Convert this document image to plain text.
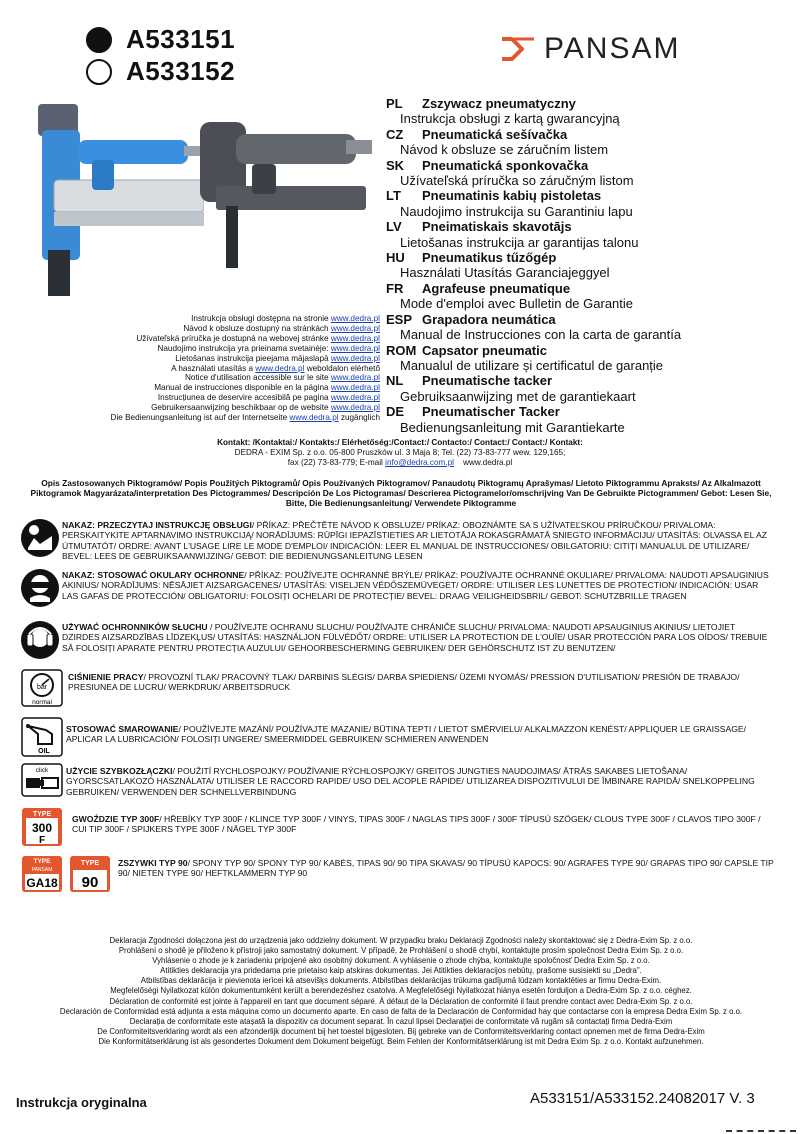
A533151
A533152
PANSAM
PL	Zszywacz pneumatyczny
Instrukcja obsługi z kartą gwarancyjną
CZ	Pneumatická sešívačka
Návod k obsluze se záručním listem
SK	Pneumatická sponkovačka
Užívateľská príručka so záručným listom
LT	Pneumatinis kabių pistoletas
Naudojimo instrukcija su Garantiniu lapu
LV	Pneimatiskais skavotājs
Lietošanas instrukcija ar garantijas talonu
HU	Pneumatikus tűzőgép
Használati Utasítás Garanciajeggyel
FR	Agrafeuse pneumatique
Mode d'emploi avec Bulletin de Garantie
ESP Grapadora neumática
Manual de Instrucciones con la carta de garantía
ROM Capsator pneumatic
Manualul de utilizare și certificatul de garanție
NL	Pneumatische tacker
Gebruiksaanwijzing met de garantiekaart
DE	Pneumatischer Tacker
Bedienungsanleitung mit Garantiekarte
Instrukcja obsługi dostępna na stronie www.dedra.pl
Návod k obsluze dostupný na stránkách www.dedra.pl
Užívateľská príručka je dostupná na webovej stránke www.dedra.pl
Naudojimo instrukcija yra prieinama svetainėje: www.dedra.pl
Lietošanas instrukcija pieejama mājaslapā www.dedra.pl
A használati utasítás a www.dedra.pl weboldalon elérhető
Notice d'utilisation accessible sur le site www.dedra.pl
Manual de instrucciones disponible en la página www.dedra.pl
Instrucțiunea de deservire accesibilă pe pagina www.dedra.pl
Gebruikersaanwijzing beschikbaar op de website www.dedra.pl
Die Bedienungsanleitung ist auf der Internetseite www.dedra.pl zugänglich
Kontakt: /Kontaktai:/ Kontakts:/ Elérhetőség:/Contact:/ Contacto:/ Contact:/ Contact:/ Kontakt:
DEDRA - EXIM Sp. z o.o. 05-800 Pruszków ul. 3 Maja 8; Tel. (22) 73-83-777 wew. 129,165;
fax (22) 73-83-779; E-mail info@dedra.com.pl www.dedra.pl
Opis Zastosowanych Piktogramów/ Popis Použitých Piktogramů/ Opis Používaných Piktogramov/ Panaudotų Piktogramų Aprašymas/ Lietoto Piktogrammu Apraksts/ Az Alkalmazott Piktogramok Magyarázata/interpretation Des Pictogrammes/ Descripción De Los Pictogramas/ Descrierea Pictogramelor/omschrijving Van De Gebruikte Pictogrammen/ Gebot: Lesen Sie, Bitte, Die Bedienungsanleitung/ Verwendete Piktogramme
NAKAZ: PRZECZYTAJ INSTRUKCJĘ OBSŁUGI/ PŘÍKAZ: PŘEČTĚTE NÁVOD K OBSLUZE/ PRÍKAZ: OBOZNÁMTE SA S UŽÍVATEĽSKOU PRÍRUČKOU/ PRIVALOMA: PERSKAITYKITE APTARNAVIMO INSTRUKCIJĄ/ NORĀDĪJUMS: RŪPĪGI IEPAZĪSTIETIES AR LIETOTĀJA ROKASGRĀMATĀ SNIEGTO INFORMĀCIJU/ UTASÍTÁS: OLVASSA EL AZ ÚTMUTATÓT/ ORDRE: AVANT L'USAGE LIRE LE MODE D'EMPLOI/ INDICACIÓN: LEER EL MANUAL DE INSTRUCCIONES/ OBILGATORIU: CITIȚI MANUALUL DE UTILIZARE/ BEVEL: LEES DE GEBRUIKSAANWIJZING/ GEBOT: DIE BEDIENUNGSANLEITUNG LESEN
NAKAZ: STOSOWAĆ OKULARY OCHRONNE/ PŘÍKAZ: POUŽÍVEJTE OCHRANNÉ BRÝLE/ PRÍKAZ: POUŽÍVAJTE OCHRANNÉ OKULIARE/ PRIVALOMA: NAUDOTI APSAUGINIUS AKINIUS/ NORĀDĪJUMS: NĒSĀJIET AIZSARGACENES/ UTASÍTÁS: VISELJEN VÉDŐSZEMÜVEGET/ ORDRE: UTILISER LES LUNETTES DE PROTECTION/ INDICACIÓN: USAR LAS GAFAS DE PROTECCIÓN/ OBLIGATORIU: FOLOSIȚI OCHELARI DE PROTECȚIE/ BEVEL: DRAAG VEILIGHEIDSBRIL/ GEBOT: SCHUTZBRILLE TRAGEN
UŻYWAĆ OCHRONNIKÓW SŁUCHU / POUŽÍVEJTE OCHRANU SLUCHU/ POUŽÍVAJTE CHRÁNIČE SLUCHU/ PRIVALOMA: NAUDOTI APSAUGINIUS AKINIUS/ LIETOJIET DZIRDES AIZSARDZĪBAS LĪDZEKĻUS/ UTASÍTÁS: HASZNÁLJON FÜLVÉDŐT/ ORDRE: UTILISER LA PROTECTION DE L'OUÏE/ USAR PROTECCIÓN PARA LOS OÍDOS/ TREBUIE SĂ FOLOSIȚI APARATE PENTRU PROTECȚIA AUZULUI/ GEHOORBESCHERMING GEBRUIKEN/ DER GEHÖRSCHUTZ IST ZU BENUTZEN/
bar
normal
CIŚNIENIE PRACY/ PROVOZNÍ TLAK/ PRACOVNÝ TLAK/ DARBINIS SLĖGIS/ DARBA SPIEDIENS/ ÜZEMI NYOMÁS/ PRESSION D'UTILISATION/ PRESIÓN DE TRABAJO/ PRESIUNEA DE LUCRU/ WERKDRUK/ ARBEITSDRUCK
OIL
STOSOWAĆ SMAROWANIE/ POUŽÍVEJTE MAZÁNÍ/ POUŽÍVAJTE MAZANIE/ BŪTINA TEPTI / LIETOT SMĒRVIELU/ ALKALMAZZON KENÉST/ APPLIQUER LE GRAISSAGE/ APLICAR LA LUBRICACIÓN/ FOLOSIȚI UNGERE/ SMEERMIDDEL GEBRUIKEN/ SCHMIEREN ANWENDEN
click UŻYCIE SZYBKOZŁĄCZKI/ POUŽITÍ RYCHLOSPOJKY/ POUŽÍVANIE RÝCHLOSPOJKY/ GREITOS JUNGTIES NAUDOJIMAS/ ĀTRĀS SAKABES LIETOŠANA/ GYORSCSATLAKOZÓ HASZNÁLATA/ UTILISER LE RACCORD RAPIDE/ USO DEL ACOPLE RÁPIDE/ UTILIZAREA DISPOZITIVULUI DE ÎMBINARE RAPIDĂ/ SNELKOPPELING GEBRUIKEN/ VERWENDEN DER SCHNELLVERBINDUNG
TYPE
300
F
GWOŹDZIE TYP 300F/ HŘEBÍKY TYP 300F / KLINCE TYP 300F / VINYS, TIPAS 300F / NAGLAS TIPS 300F / 300F TÍPUSÚ SZÖGEK/ CLOUS TYPE 300F / CLAVOS TIPO 300F / CUI TIP 300F / SPIJKERS TYPE 300F / NÄGEL TYP 300F
TYPE
PANSAM
GA18
TYPE
90
ZSZYWKI TYP 90/ SPONY TYP 90/ SPONY TYP 90/ KABĖS, TIPAS 90/ 90 TIPA SKAVAS/ 90 TÍPUSÚ KAPOCS: 90/ AGRAFES TYPE 90/ GRAPAS TIPO 90/ CAPSLE TIP 90/ NIETEN TYPE 90/ HEFTKLAMMERN TYP 90
Deklaracja Zgodności dołączona jest do urządzenia jako oddzielny dokument. W przypadku braku Deklaracji Zgodności należy skontaktować się z Dedra-Exim Sp. z o.o.
Prohlášení o shodě je přiloženo k přístroji jako samostatný dokument. V případě, že Prohlášení o shodě chybí, kontaktujte prosím společnost Dedra Exim Sp. z o.o.
Vyhlásenie o zhode je k zariadeniu pripojené ako osobitný dokument. A vyhlásenie o zhode chýba, kontaktujte spoločnosť Dedra Exim Sp. z o.o.
Atitikties deklaracija yra pridedama prie prietaiso kaip atskiras dokumentas. Jei Atitikties deklaracijos nebūtų, prašome susisiekti su „Dedra".
Atbilstības deklarācija ir pievienota ierīcei kā atsevišķs dokuments. Atbilstības deklarācijas trūkuma gadījumā lūdzam kontaktēties ar firmu Dedra-Exim.
Megfelelőségi Nyilatkozat külön dokumentumként került a berendezéshez csatolva. A Megfelelőségi Nyilatkozat hiánya esetén forduljon a Dedra-Exim Sp. z o.o. céghez.
Déclaration de conformité est jointe à l'appareil en tant que document séparé. À défaut de la Déclaration de conformité il faut prendre contact avec Dedra-Exim Sp. z o.o.
Declaración de Conformidad está adjunta a esta máquina como un documento aparte. En caso de falta de la Declaración de Conformidad hay que contactarse con la empresa Dedra Exim Sp. z o.o.
Declarația de conformitate este atașată la dispozitiv ca document separat. În cazul lipsei Declarației de conformitate vă rugăm să contactați firma Dedra-Exim
De Conformiteitsverklaring wordt als een afzonderlijk document bij het toestel bijgesloten. Bij gebreke van de Conformiteitsverklaring contact opnemen met de firma Dedra-Exim
Die Konformitätserklärung ist als gesondertes Dokument dem Dokument beigefügt. Beim Fehlen der Konformitätserklärung ist mit Dedra Exim Sp. z o.o. Kontakt aufzunehmen.
Instrukcja oryginalna	A533151/A533152.24082017 V. 3
